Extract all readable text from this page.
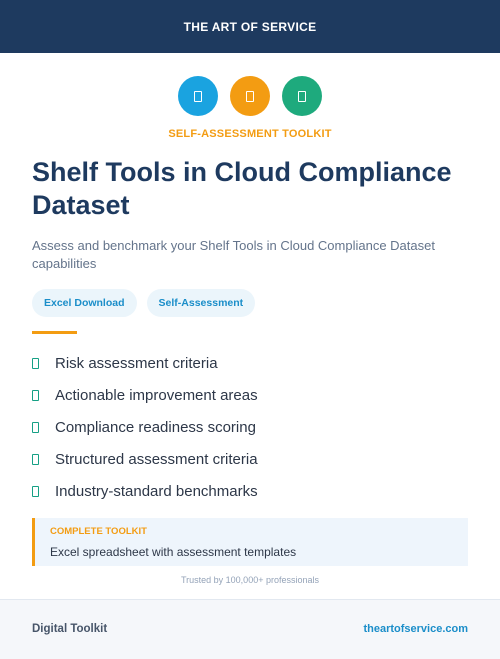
THE ART OF SERVICE
SELF-ASSESSMENT TOOLKIT
Shelf Tools in Cloud Compliance Dataset

Assess and benchmark your Shelf Tools in Cloud Compliance Dataset capabilities

Excel Download	Self-Assessment
Risk assessment criteria
Actionable improvement areas
Compliance readiness scoring
Structured assessment criteria
Industry-standard benchmarks
COMPLETE TOOLKIT
Excel spreadsheet with assessment templates
Trusted by 100,000+ professionals
Digital Toolkit	theartofservice.com
